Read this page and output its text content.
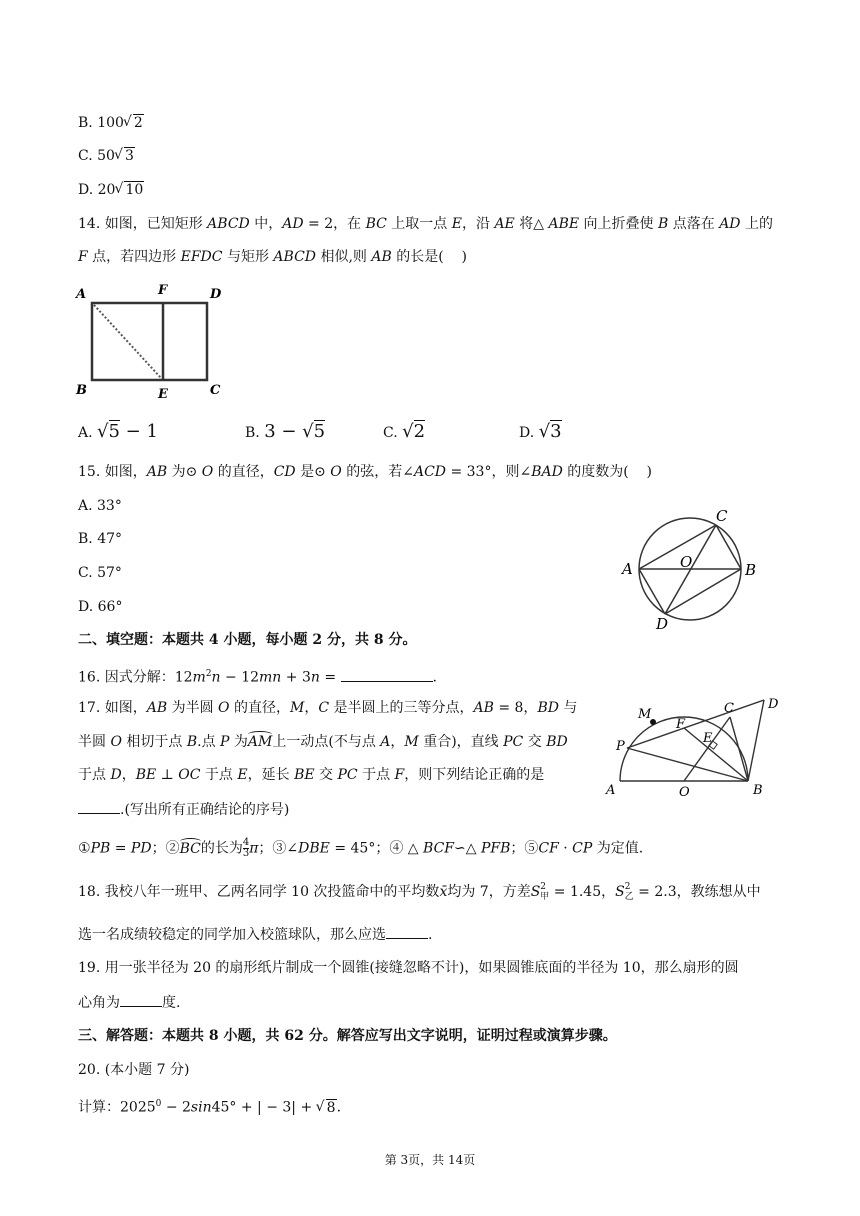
B. 100 √ 2
C. 50 √ 3
D. 20 √ 10
14. 如图，已知矩形 ABCD 中，AD = 2，在 BC 上取一点 E，沿 AE 将△ ABE 向上折叠使 B 点落在 AD 上的
F 点，若四边形 EFDC 与矩形 ABCD 相似,则 AB 的长是(    )
A	F	D
B	E	C
A. √5 − 1	B. 3 − √5	C. √2	D. √3
15. 如图，AB 为⊙ O 的直径，CD 是⊙ O 的弦，若∠ACD = 33°，则∠BAD 的度数为(    )
A. 33°
B. 47°
C. 57°
D. 66°
C
A	O	B
D
二、填空题：本题共 4 小题，每小题 2 分，共 8 分。
16. 因式分解：$12m^2n - 12mn + 3n$ =	.
17. 如图，AB 为半圆 O 的直径，M，C 是半圆上的三等分点，AB = 8，BD 与
半圆 O 相切于点 B.点 P 为
AM上一动点(不与点 A，M 重合)，直线 PC 交 BD
于点 D，BE ⊥ OC 于点 E，延长 BE 交 PC 于点 F，则下列结论正确的是
.(写出所有正确结论的序号)
①PB = PD；②
BC的长为 $\frac{4}{3}$ π；③∠DBE = 45°；④ △ BCF∽△ PFB；⑤CF · CP 为定值.
M	C	D
F
E
P
A	O	B
18. 我校八年一班甲、乙两名同学 10 次投篮命中的平均数x̄均为 7，方差S 2
甲 = 1.45，S 2
乙 = 2.3，教练想从中
选一名成绩较稳定的同学加入校篮球队，那么应选	.
19. 用一张半径为 20 的扇形纸片制成一个圆锥(接缝忽略不计)，如果圆锥底面的半径为 10，那么扇形的圆
心角为	度.
三、解答题：本题共 8 小题，共 62 分。解答应写出文字说明，证明过程或演算步骤。
20. (本小题 7 分)
计算：$2025^0 - 2\sin 45^\circ$ + | − 3| + √ 8.
第 3页，共 14页
